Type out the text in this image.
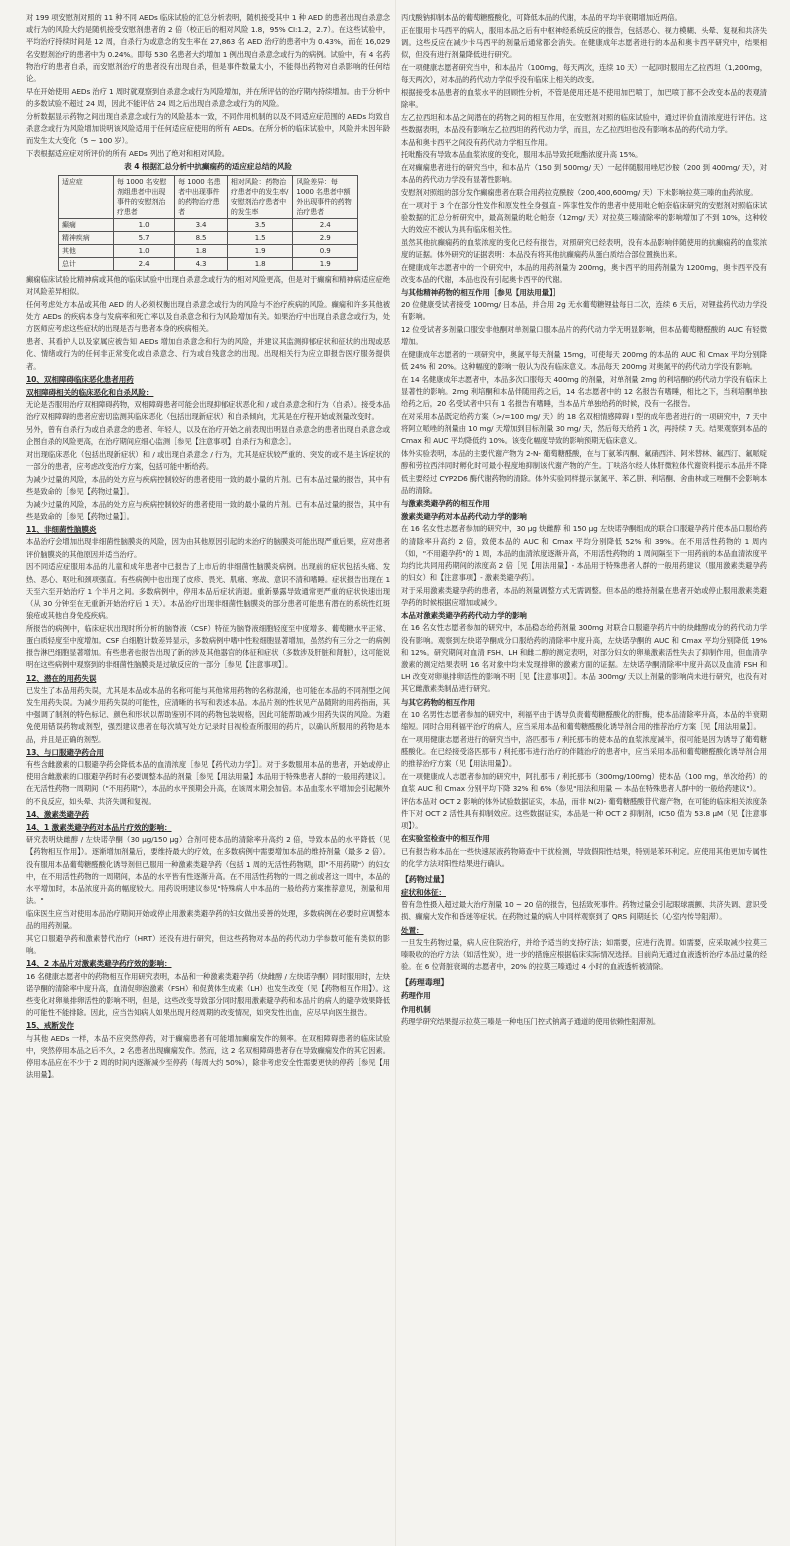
对 199 项安慰剂对照的 11 种不同 AEDs 临床试验的汇总分析表明，随机接受其中 1 种 AED 的患者出现自杀意念或行为的风险大约是随机接受安慰剂患者的 2 倍（校正后的相对风险 1.8，95% CI:1.2，2.7）。在这些试验中，平均治疗持续时间是 12 周，自杀行为或意念的发生率在 27,863 名 AED 治疗的患者中为 0.43%，而在 16,029 名安慰剂治疗的患者中为 0.24%。即每 530 名患者大约增加 1 例出现自杀意念或行为的病例。试验中，有 4 名药物治疗的患者自杀，而安慰剂治疗的患者没有出现自杀，但是事件数量太小，不能得出药物对自杀影响的任何结论。

早在开始使用 AEDs 治疗 1 周时就观察到自杀意念或行为风险增加，并在所评估的治疗期内持续增加。由于分析中的多数试验不超过 24 周，因此不能评估 24 周之后出现自杀意念或行为的风险。

分析数据显示药物之间出现自杀意念或行为的风险基本一致，不同作用机制的以及不同适应症范围的 AEDs 均致自杀意念或行为风险增加说明该风险适用于任何适应症使用的所有 AEDs。在所分析的临床试验中，风险并未因年龄而发生太大变化（5 ~ 100 岁）。

下表根据适应症对所评价的所有 AEDs 列出了绝对和相对风险。

表 4 根据汇总分析中抗癫痫药的适应症总结的风险
适应症	每 1000 名安慰剂组患者中出现事件的安慰剂治疗患者	每 1000 名患者中出现事件的药物治疗患者	相对风险：药物治疗患者中的发生率/安慰剂治疗患者中的发生率	风险差异：每 1000 名患者中额外出现事件的药物治疗患者
癫痫	1.0	3.4	3.5	2.4
精神疾病	5.7	8.5	1.5	2.9
其他	1.0	1.8	1.9	0.9
总计	2.4	4.3	1.8	1.9

癫痫临床试验比精神病或其他的临床试验中出现自杀意念或行为的相对风险更高，但是对于癫痫和精神病适应症绝对风险差异相似。

任何考虑处方本品或其他 AED 的人必须权衡出现自杀意念或行为的风险与不治疗疾病的风险。癫痫和许多其他被处方 AEDs 的疾病本身与发病率和死亡率以及自杀意念和行为风险增加有关。如果治疗中出现自杀意念或行为，处方医师应考虑这些症状的出现是否与患者本身的疾病相关。

患者、其看护人以及家属应被告知 AEDs 增加自杀意念和行为的风险，并建议其监测抑郁症状和征状的出现或恶化、情绪或行为的任何非正常变化或自杀意念、行为或自残意念的出现。出现相关行为应立即报告医疗服务提供者。

10、双相障碍临床恶化患者用药
双相障碍相关的临床恶化和自杀风险：

无论是否服用治疗双相障碍药物，双相障碍患者可能会出现抑郁症状恶化和 / 或自杀意念和行为（自杀）。接受本品治疗双相障碍的患者应密切监测其临床恶化（包括出现新症状）和自杀倾向，尤其是在疗程开始或剂量改变时。

另外，曾有自杀行为或自杀意念的患者、年轻人，以及在治疗开始之前表现出明显自杀意念的患者出现自杀意念或企图自杀的风险更高，在治疗期间应细心监测［参见【注意事项】自杀行为和意念］。

对出现临床恶化（包括出现新症状）和 / 或出现自杀意念 / 行为，尤其是症状较严重的、突发的或不是主诉症状的一部分的患者，应考虑改变治疗方案，包括可能中断给药。

为减少过量的风险，本品的处方应与疾病控制较好的患者使用一致的最小量的片剂。已有本品过量的报告，其中有些是致命的［参见【药物过量】］。

为减少过量的风险，本品的处方应与疾病控制较好的患者使用一致的最小量的片剂。已有本品过量的报告，其中有些是致命的［参见【药物过量】］。

11、非细菌性脑膜炎

本品治疗会增加出现非细菌性脑膜炎的风险，因为由其他原因引起的未治疗的脑膜炎可能出现严重后果，应对患者评价脑膜炎的其他原因并适当治疗。

因不同适应症服用本品的儿童和成年患者中已报告了上市后的非细菌性脑膜炎病例。出现前的症状包括头痛、发热、恶心、呕吐和颈项强直。有些病例中也出现了皮疹、畏光、肌痛、寒战、意识不清和嗜睡。症状报告出现在 1 天至六至开始治疗 1 个半月之间。多数病例中，停用本品后症状消退。重新暴露导致通常更严重的症状快速出现（从 30 分钟至在无重新开始治疗后 1 天）。本品治疗出现非细菌性脑膜炎的部分患者可能患有潜在的系统性红斑狼疮或其他自身免疫疾病。

所报告的病例中，临床症状出现时所分析的脑脊液（CSF）特征为脑脊液细胞轻度至中度增多、葡萄糖水平正常、蛋白质轻度至中度增加。CSF 白细胞计数差异显示，多数病例中嗜中性粒细胞显著增加，虽然约有三分之一的病例报告淋巴细胞显著增加。有些患者也报告出现了新的涉及其他器官的体征和症状（多数涉及肝脏和肾脏），这可能说明在这些病例中观察到的非细菌性脑膜炎是过敏反应的一部分［参见【注意事项】］。

12、潜在的用药失误

已发生了本品用药失误，尤其是本品或本品的名称可能与其他常用药物的名称混淆，也可能在本品的不同剂型之间发生用药失误。为减少用药失误的可能性，应清晰的书写和表述本品。本品片剂的性状见产品随附的用药指南，其中强调了制剂的特色标记、颜色和形状以帮助鉴别不同的药物包装规格，因此可能帮助减少用药失误的风险。为避免使用错误药物或剂型，强烈建议患者在每次填写处方记录时目视检查所服用的药片，以确认所服用的药物是本品，并且是正确的剂型。

13、与口服避孕药合用

有些含雌激素的口服避孕药会降低本品的血清浓度［参见【药代动力学】］。对于多数服用本品的患者，开始或停止使用含雌激素的口服避孕药时有必要调整本品的剂量［参见【用法用量】本品用于特殊患者人群的一般用药建议］。在无活性药物一周期间（"不用药期"），本品的水平预期会升高，在该周末期会加倍。本品血浆水平增加会引起额外的不良反应，如头晕、共济失调和复视。

14、激素类避孕药
14、1 激素类避孕药对本品片疗效的影响：

研究表明炔雌醇 / 左炔诺孕酮（30 μg/150 μg）合剂可使本品的清除率升高约 2 倍，导致本品的水平降低（见【药物相互作用】）。逐渐增加剂量后，要维持最大的疗效，在多数病例中需要增加本品的维持剂量（最多 2 倍）。没有服用本品葡萄糖醛酸化诱导剂但已服用一种激素类避孕药（包括 1 周的无活性药物期，即"不用药期"）的妇女中，在不用活性药物的一周期间，本品的水平皆有性逐渐升高。在不用活性药物的一周之前或者这一周中，本品的水平增加时，本品浓度升高的幅度较大。用药说明建议参见"特殊病人中本品的一般给药方案推荐意见，剂量和用法。"

临床医生应当对使用本品治疗期间开始或停止用激素类避孕药的妇女做出妥善的处理，多数病例在必要时应调整本品的用药剂量。

其它口服避孕药和激素替代治疗（HRT）还没有进行研究，但这些药物对本品的药代动力学参数可能有类似的影响。

14、2 本品片对激素类避孕药疗效的影响：

16 名健康志愿者中的药物相互作用研究表明，本品和一种激素类避孕药（炔雌醇 / 左炔诺孕酮）同时服用时，左炔诺孕酮的清除率中度升高，血清促卵泡激素（FSH）和促黄体生成素（LH）也发生改变（见【药物相互作用】）。这些变化对卵巢排卵活性的影响不明，但是，这些改变导致部分同时服用激素避孕药和本品片的病人的避孕效果降低的可能性不能排除。因此，应当告知病人如果出现月经周期的改变情况，如突发性出血，应尽早向医生报告。

15、戒断发作

与其他 AEDs 一样，本品不应突然停药，对于癫痫患者有可能增加癫痫发作的频率。在双相障碍患者的临床试验中，突然停用本品之后不久，2 名患者出现癫痫发作。然而，这 2 名双相障碍患者存在导致癫痫发作的其它因素。停用本品应在不少于 2 周的时间内逐渐减少至停药（每周大约 50%），除非考虑安全性需要更快的停药［参见【用法用量】。

丙戊酸钠抑制本品的葡萄糖醛酸化，可降低本品的代谢，本品的平均半衰期增加近两倍。

正在服用卡马西平的病人，服用本品之后有中枢神经系统反应的报告，包括恶心、视力模糊、头晕、复视和共济失调。这些反应在减少卡马西平的剂量后通常都会消失。在健康成年志愿者进行的本品和奥卡西平研究中，结果相似，但没有进行剂量降低进行研究。

在一项健康志愿者研究当中，和本品片（100mg，每天两次，连续 10 天）一起同时服用左乙拉西坦（1,200mg，每天两次），对本品的药代动力学似乎没有临床上相关的改变。

根据接受本品患者的血浆水平的回顾性分析，不管是使用还是不使用加巴喷丁，加巴喷丁都不会改变本品的表观清除率。

左乙拉西坦和本品之间潜在的药物之间的相互作用，在安慰剂对照的临床试验中，通过评价血清浓度进行评估。这些数据表明，本品没有影响左乙拉西坦的药代动力学，而且，左乙拉西坦也没有影响本品的药代动力学。

本品和奥卡西平之间没有药代动力学相互作用。

托吡酯没有导致本品血浆浓度的变化，服用本品导致托吡酯浓度升高 15%。

在对癫痫患者进行的研究当中，和本品片（150 到 500mg/ 天）一起伴随服用唑尼沙胺（200 到 400mg/ 天），对本品的药代动力学没有显著性影响。

安慰剂对照组的部分发作癫痫患者在联合用药拉克酰胺（200,400,600mg/ 天）下未影响拉莫三嗪的血药浓度。

在一项对于 3 个在部分性发作和原发性全身强直 - 阵挛性发作的患者中使用吡仑帕奈临床研究的安慰剂对照临床试验数据的汇总分析研究中，最高剂量的吡仑帕奈（12mg/ 天）对拉莫三嗪清除率的影响增加了不到 10%，这种较大的效应不被认为具有临床相关性。

虽然其他抗癫痫药的血浆浓度的变化已经有报告，对照研究已经表明，没有本品影响伴随使用的抗癫痫药的血浆浓度的证据。体外研究的证据表明：本品没有将其他抗癫痫药从蛋白质结合部位置换出来。

在健康成年志愿者中的一个研究中，本品的用药剂量为 200mg，奥卡西平的用药剂量为 1200mg，奥卡西平没有改变本品的代谢，本品也没有引起奥卡西平的代谢。

与其他精神药物的相互作用［参见【用法用量】］

20 位健康受试者接受 100mg/ 日本品，并合用 2g 无水葡萄糖锂盐每日二次，连续 6 天后，对锂盐药代动力学没有影响。

12 位受试者多剂量口服安非他酮对单剂量口服本品片的药代动力学无明显影响，但本品葡萄糖醛酸的 AUC 有轻微增加。

在健康成年志愿者的一项研究中，奥氮平每天剂量 15mg，可使每天 200mg 的本品的 AUC 和 Cmax 平均分别降低 24% 和 20%。这种幅度的影响一般认为没有临床意义。本品每天 200mg 对奥氮平的药代动力学没有影响。

在 14 名健康成年志愿者中，本品多次口服每天 400mg 的剂量，对单剂量 2mg 的利培酮的药代动力学没有临床上显著性的影响。2mg 利培酮和本品伴随用药之后，14 名志愿者中的 12 名报告有嗜睡，相比之下，当利培酮单独给药之后，20 名受试者中只有 1 名报告有嗜睡，当本品片单独给药的时候，没有一名报告。

在对采用本品既定给药方案（>/=100 mg/ 天）的 18 名双相情感障碍 I 型的成年患者进行的一项研究中，7 天中将阿立哌唑的剂量由 10 mg/ 天增加到目标剂量 30 mg/ 天，然后每天给药 1 次，再持续 7 天。结果观察到本品的 Cmax 和 AUC 平均降低约 10%。该变化幅度导致的影响预期无临床意义。

体外实验表明，本品的主要代谢产物为 2-N- 葡萄糖醛酸，在与丁氨苯丙酮、氟硝西泮、阿米替林、氟西汀、氟哌啶醇和劳拉西泮同时孵化时可最小程度地抑制该代谢产物的产生。丁呋洛尔经人体肝微粒体代谢资料提示本品并不降低主要经过 CYP2D6 酶代谢药物的清除。体外实验同样提示氯氮平、苯乙肼、利培酮、舍曲林或三唑酮不会影响本品的清除。

与激素类避孕药的相互作用
激素类避孕药对本品药代动力学的影响

在 16 名女性志愿者参加的研究中，30 μg 炔雌醇 和 150 μg 左炔诺孕酮组成的联合口服避孕药片使本品口服给药的清除率升高约 2 倍，致使本品的 AUC 和 Cmax 平均分别降低 52% 和 39%。在不用活性药物的 1 周内（如，"不用避孕药"的 1 周，本品的血清浓度逐渐升高，不用活性药物的 1 周间隔至下一用药前的本品血清浓度平均约比共同用药期间的浓度高 2 倍［见【用法用量】- 本品用于特殊患者人群的一般用药建议（服用激素类避孕药的妇女）和【注意事项】- 激素类避孕药］。

对于采用激素类避孕药的患者，本品的剂量调整方式无需调整。但本品的维持剂量在患者开始或停止服用激素类避孕药的时候根据应增加或减少。

本品对激素类避孕药药代动力学的影响

在 16 名女性志愿者参加的研究中，本品稳态给药剂量 300mg 对联合口服避孕药片中的炔雌醇成分的药代动力学没有影响。观察到左炔诺孕酮成分口服给药的清除率中度升高，左炔诺孕酮的 AUC 和 Cmax 平均分别降低 19% 和 12%。研究期间对血清 FSH、LH 和雌二醇的测定表明，对部分妇女的卵巢激素活性失去了抑制作用，但血清孕激素的测定结果表明 16 名对象中均未发现排卵的激素方面的证据。左炔诺孕酮清除率中度升高以及血清 FSH 和 LH 改变对卵巢排卵活性的影响不明［见【注意事项】］。本品 300mg/ 天以上剂量的影响尚未进行研究，也没有对其它雌激素类制品进行研究。

与其它药物的相互作用

在 10 名男性志愿者参加的研究中，利福平由于诱导负责葡萄糖醛酸化的肝酶，使本品清除率升高，本品的半衰期缩短。同时合用利福平治疗的病人，应当采用本品和葡萄糖醛酸化诱导剂合用的推荐治疗方案［见【用法用量】］。

在一项用健康志愿者进行的研究当中，洛匹那韦 / 利托那韦的使本品的血浆浓度减半，很可能是因为诱导了葡萄糖醛酸化。在已经接受洛匹那韦 / 利托那韦进行治疗的伴随治疗的患者中，应当采用本品和葡萄糖醛酸化诱导剂合用的推荐治疗方案（见【用法用量】）。

在一项健康成人志愿者参加的研究中，阿扎那韦 / 利托那韦（300mg/100mg）使本品（100 mg，单次给药）的血浆 AUC 和 Cmax 分别平均下降 32% 和 6%（参见"用法和用量 — 本品在特殊患者人群中的一般给药建议"）。

评估本品对 OCT 2 影响的体外试验数据证实，本品，而非 N(2)- 葡萄糖醛酸苷代谢产物，在可能的临床相关浓度条件下对 OCT 2 活性具有抑制效应。这些数据证实，本品是一种 OCT 2 抑制剂，IC50 值为 53.8 μM（见【注意事项】）。

在实验室检查中的相互作用

已有报告称本品在一些快速尿液药物筛查中干扰检测，导致假阳性结果，特别是苯环利定。应使用其他更加专属性的化学方法对阳性结果进行确认。

【药物过量】
症状和体征：

曾有急性摄入超过最大治疗剂量 10 ~ 20 倍的报告，包括致死事件。药物过量会引起眼球震颤、共济失调、意识受损、癫痫大发作和昏迷等症状。在药物过量的病人中同样观察到了 QRS 间期延长（心室内传导阻滞）。

处置：

一旦发生药物过量，病人应住院治疗，并给予适当的支持疗法；如需要，应进行洗胃。如需要，应采取减少拉莫三嗪吸收的治疗方法（如活性炭），进一步的措施应根据临床实际情况选择。目前尚无通过血液透析治疗本品过量的经验。在 6 位肾脏衰竭的志愿者中，20% 的拉莫三嗪通过 4 小时的血液透析被清除。

【药理毒理】
药理作用
作用机制

药理学研究结果提示拉莫三嗪是一种电压门控式钠离子通道的使用依赖性阻滞剂。
